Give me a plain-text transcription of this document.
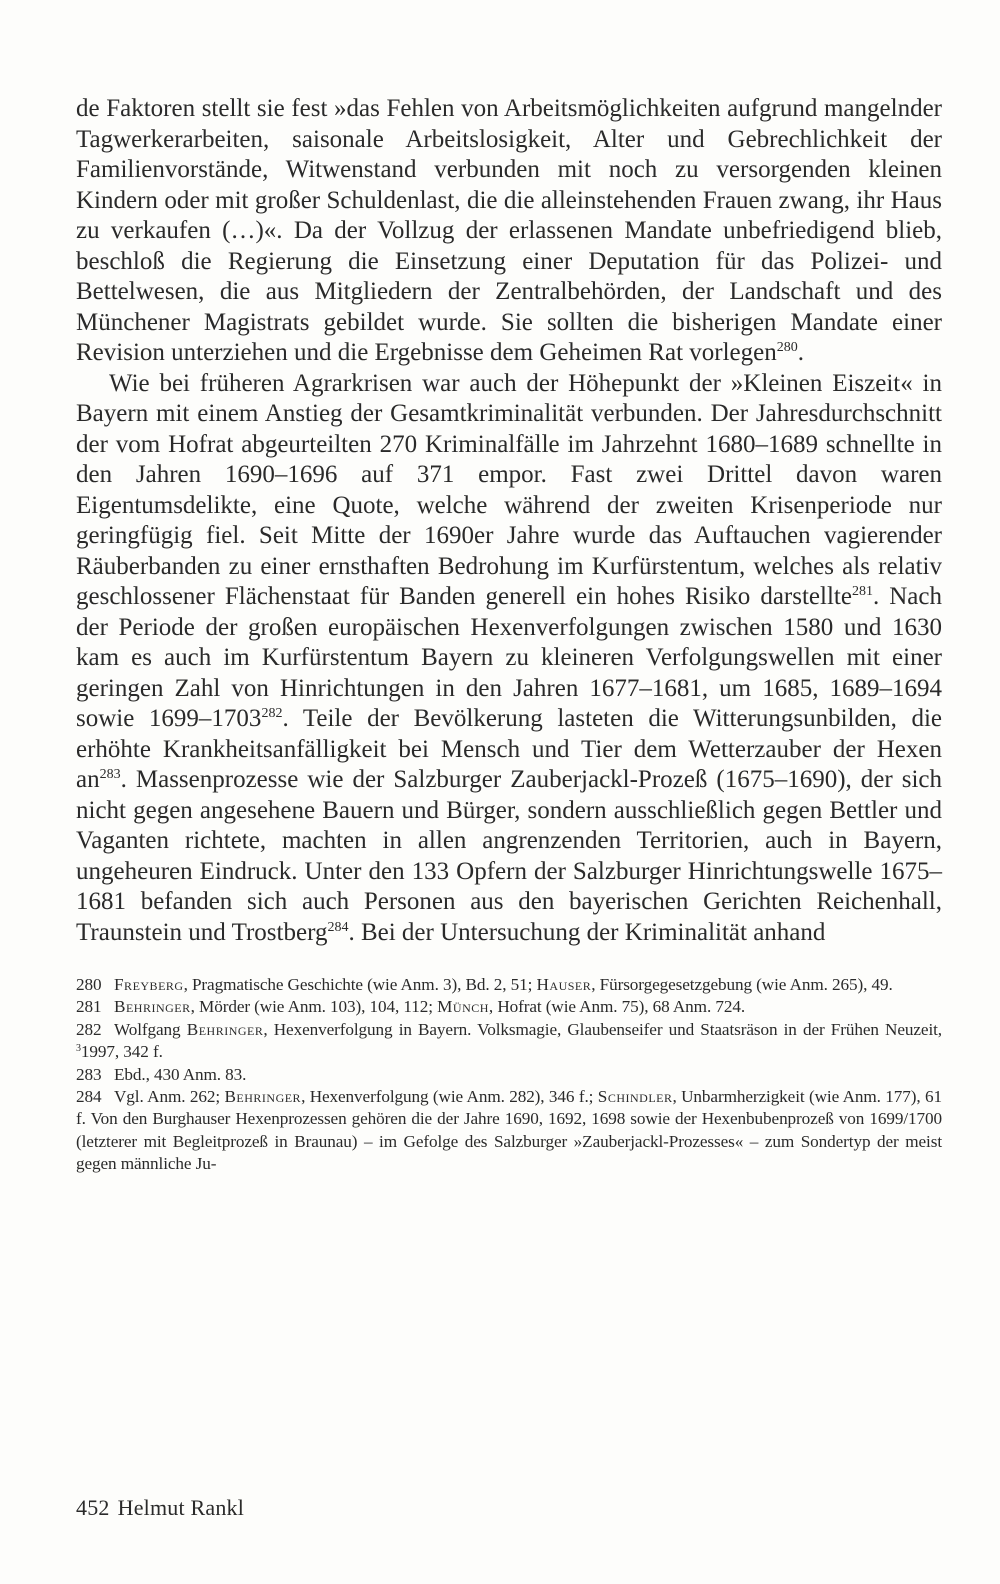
de Faktoren stellt sie fest »das Fehlen von Arbeitsmöglichkeiten aufgrund mangelnder Tagwerkerarbeiten, saisonale Arbeitslosigkeit, Alter und Gebrechlichkeit der Familienvorstände, Witwenstand verbunden mit noch zu versorgenden kleinen Kindern oder mit großer Schuldenlast, die die alleinstehenden Frauen zwang, ihr Haus zu verkaufen (…)«. Da der Vollzug der erlassenen Mandate unbefriedigend blieb, beschloß die Regierung die Einsetzung einer Deputation für das Polizei- und Bettelwesen, die aus Mitgliedern der Zentralbehörden, der Landschaft und des Münchener Magistrats gebildet wurde. Sie sollten die bisherigen Mandate einer Revision unterziehen und die Ergebnisse dem Geheimen Rat vorlegen$^{280}$.

Wie bei früheren Agrarkrisen war auch der Höhepunkt der »Kleinen Eiszeit« in Bayern mit einem Anstieg der Gesamtkriminalität verbunden. Der Jahresdurchschnitt der vom Hofrat abgeurteilten 270 Kriminalfälle im Jahrzehnt 1680–1689 schnellte in den Jahren 1690–1696 auf 371 empor. Fast zwei Drittel davon waren Eigentumsdelikte, eine Quote, welche während der zweiten Krisenperiode nur geringfügig fiel. Seit Mitte der 1690er Jahre wurde das Auftauchen vagierender Räuberbanden zu einer ernsthaften Bedrohung im Kurfürstentum, welches als relativ geschlossener Flächenstaat für Banden generell ein hohes Risiko darstellte$^{281}$. Nach der Periode der großen europäischen Hexenverfolgungen zwischen 1580 und 1630 kam es auch im Kurfürstentum Bayern zu kleineren Verfolgungswellen mit einer geringen Zahl von Hinrichtungen in den Jahren 1677–1681, um 1685, 1689–1694 sowie 1699–1703$^{282}$. Teile der Bevölkerung lasteten die Witterungsunbilden, die erhöhte Krankheitsanfälligkeit bei Mensch und Tier dem Wetterzauber der Hexen $an^{283}$. Massenprozesse wie der Salzburger Zauberjackl-Prozeß (1675–1690), der sich nicht gegen angesehene Bauern und Bürger, sondern ausschließlich gegen Bettler und Vaganten richtete, machten in allen angrenzenden Territorien, auch in Bayern, ungeheuren Eindruck. Unter den 133 Opfern der Salzburger Hinrichtungswelle 1675–1681 befanden sich auch Personen aus den bayerischen Gerichten Reichenhall, Traunstein und Trostberg$^{284}$. Bei der Untersuchung der Kriminalität anhand

280 Freyberg, Pragmatische Geschichte (wie Anm. 3), Bd. 2, 51; Hauser, Fürsorgegesetzgebung (wie Anm. 265), 49.

281 Behringer, Mörder (wie Anm. 103), 104, 112; Münch, Hofrat (wie Anm. 75), 68 Anm. 724.

282 Wolfgang Behringer, Hexenverfolgung in Bayern. Volksmagie, Glaubenseifer und Staatsräson in der Frühen Neuzeit, $^3$1997, 342 f.

283 Ebd., 430 Anm. 83.

284 Vgl. Anm. 262; Behringer, Hexenverfolgung (wie Anm. 282), 346 f.; Schindler, Unbarmherzigkeit (wie Anm. 177), 61 f. Von den Burghauser Hexenprozessen gehören die der Jahre 1690, 1692, 1698 sowie der Hexenbubenprozeß von 1699/1700 (letzterer mit Begleitprozeß in Braunau) – im Gefolge des Salzburger »Zauberjackl-Prozesses« – zum Sondertyp der meist gegen männliche Ju-

452 Helmut Rankl
